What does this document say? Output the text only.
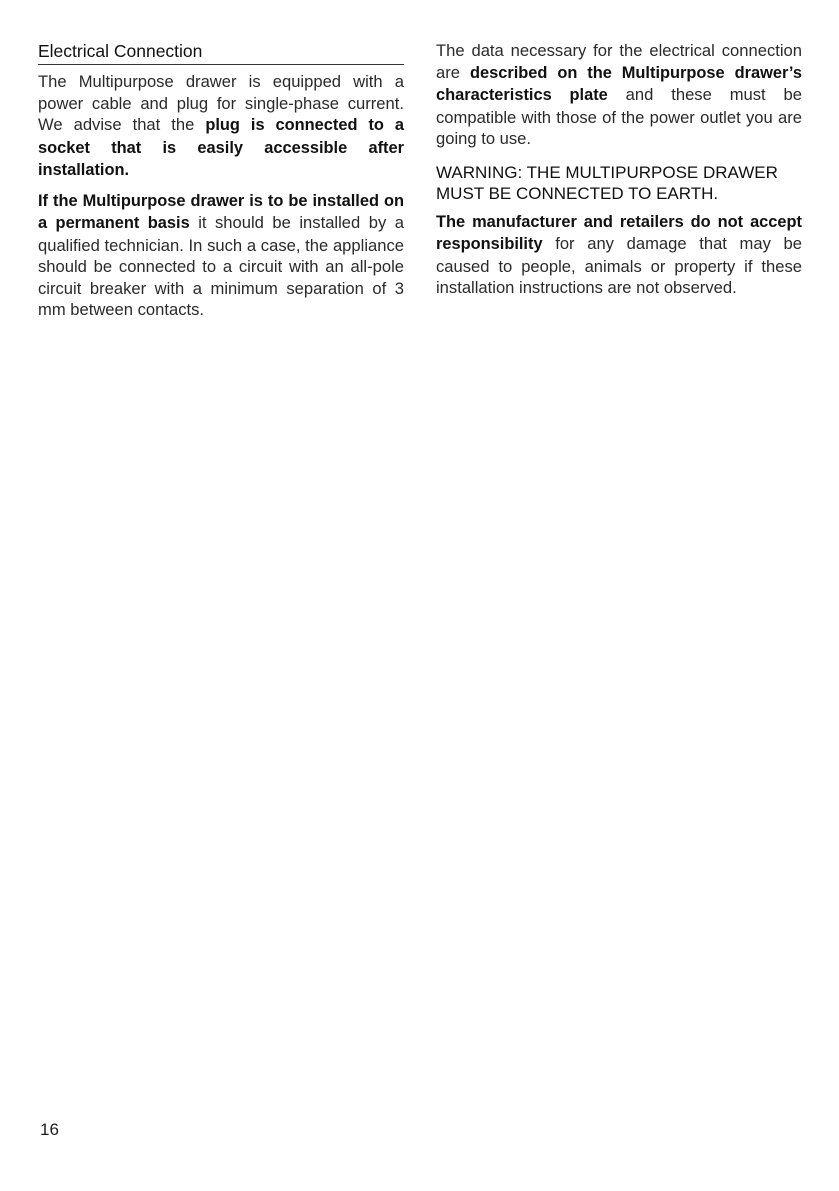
Electrical Connection

The Multipurpose drawer is equipped with a power cable and plug for single-phase current. We advise that the plug is connected to a socket that is easily accessible after installation.

If the Multipurpose drawer is to be installed on a permanent basis it should be installed by a qualified technician. In such a case, the appliance should be connected to a circuit with an all-pole circuit breaker with a minimum separation of 3 mm between contacts.

The data necessary for the electrical connection are described on the Multipurpose drawer’s characteristics plate and these must be compatible with those of the power outlet you are going to use.

WARNING: THE MULTIPURPOSE DRAWER MUST BE CONNECTED TO EARTH.

The manufacturer and retailers do not accept responsibility for any damage that may be caused to people, animals or property if these installation instructions are not observed.

16
